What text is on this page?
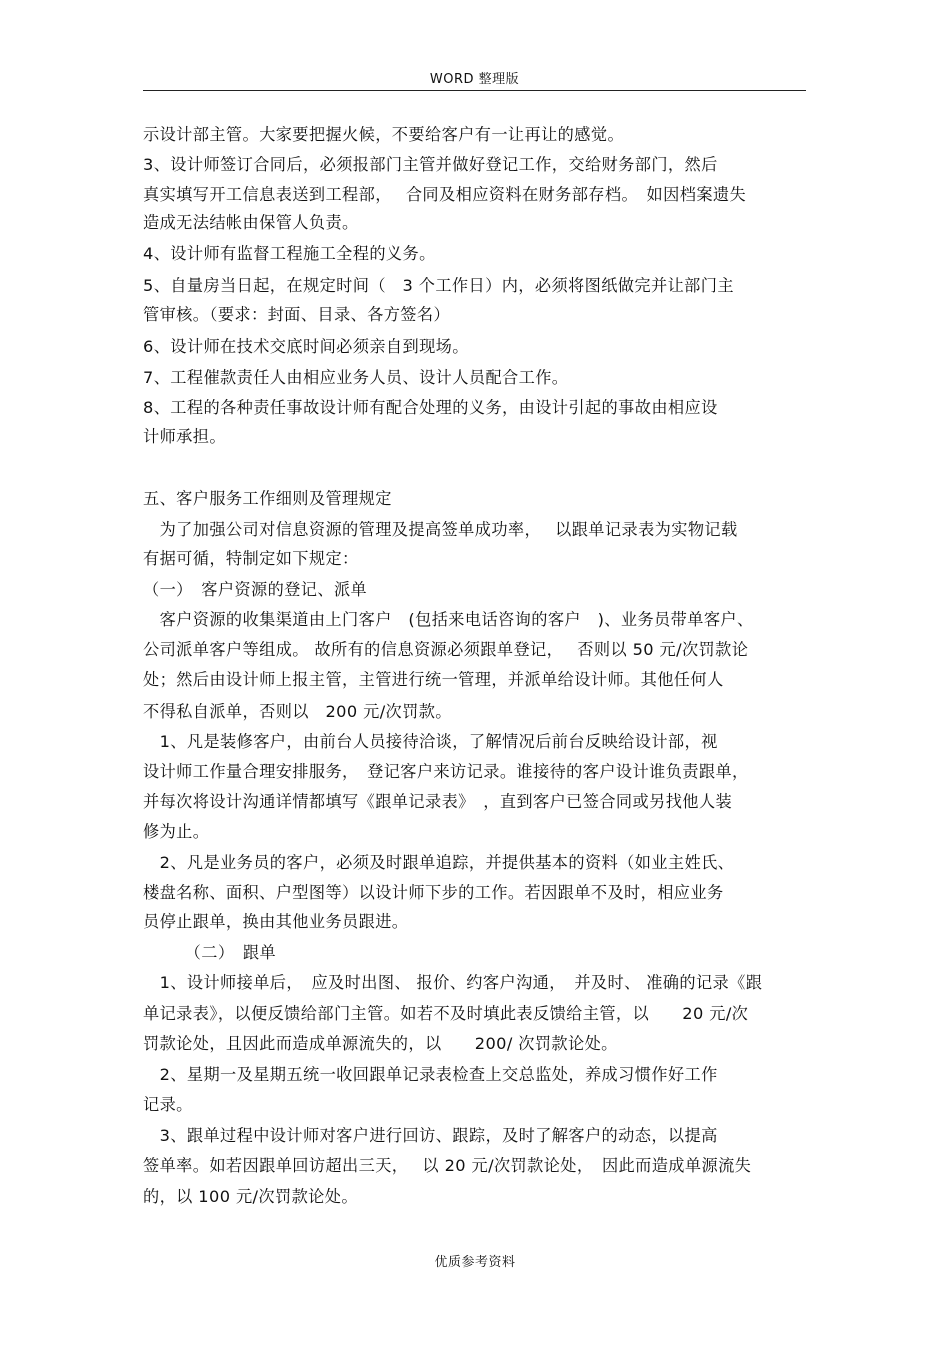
WORD 整理版
示设计部主管。大家要把握火候，不要给客户有一让再让的感觉。
3、设计师签订合同后，必须报部门主管并做好登记工作，交给财务部门，然后
真实填写开工信息表送到工程部，　 合同及相应资料在财务部存档。　如因档案遗失
造成无法结帐由保管人负责。
4、设计师有监督工程施工全程的义务。
5、自量房当日起，在规定时间（　3 个工作日）内，必须将图纸做完并让部门主
管审核。（要求：封面、目录、各方签名）
6、设计师在技术交底时间必须亲自到现场。
7、工程催款责任人由相应业务人员、设计人员配合工作。
8、工程的各种责任事故设计师有配合处理的义务，由设计引起的事故由相应设
计师承担。
五、客户服务工作细则及管理规定
　为了加强公司对信息资源的管理及提高签单成功率，　 以跟单记录表为实物记载
有据可循，特制定如下规定：
（一）　客户资源的登记、派单
　客户资源的收集渠道由上门客户　(包括来电话咨询的客户　)、业务员带单客户、
公司派单客户等组成。 故所有的信息资源必须跟单登记，　 否则以 50 元/次罚款论
处；然后由设计师上报主管，主管进行统一管理，并派单给设计师。其他任何人
不得私自派单，否则以　200 元/次罚款。
　1、凡是装修客户，由前台人员接待洽谈，了解情况后前台反映给设计部，视
设计师工作量合理安排服务，　登记客户来访记录。谁接待的客户设计谁负责跟单，
并每次将设计沟通详情都填写《跟单记录表》　，直到客户已签合同或另找他人装
修为止。
　2、凡是业务员的客户，必须及时跟单追踪，并提供基本的资料（如业主姓氏、
楼盘名称、面积、户型图等）以设计师下步的工作。若因跟单不及时，相应业务
员停止跟单，换由其他业务员跟进。
　　　（二）　跟单
　1、设计师接单后，　应及时出图、 报价、约客户沟通，　并及时、 准确的记录《跟
单记录表》，以便反馈给部门主管。如若不及时填此表反馈给主管，以　　20 元/次
罚款论处，且因此而造成单源流失的，以　　200/ 次罚款论处。
　2、星期一及星期五统一收回跟单记录表检查上交总监处，养成习惯作好工作
记录。
　3、跟单过程中设计师对客户进行回访、跟踪，及时了解客户的动态，以提高
签单率。如若因跟单回访超出三天，　 以 20 元/次罚款论处，　因此而造成单源流失
的，以 100 元/次罚款论处。
优质参考资料
